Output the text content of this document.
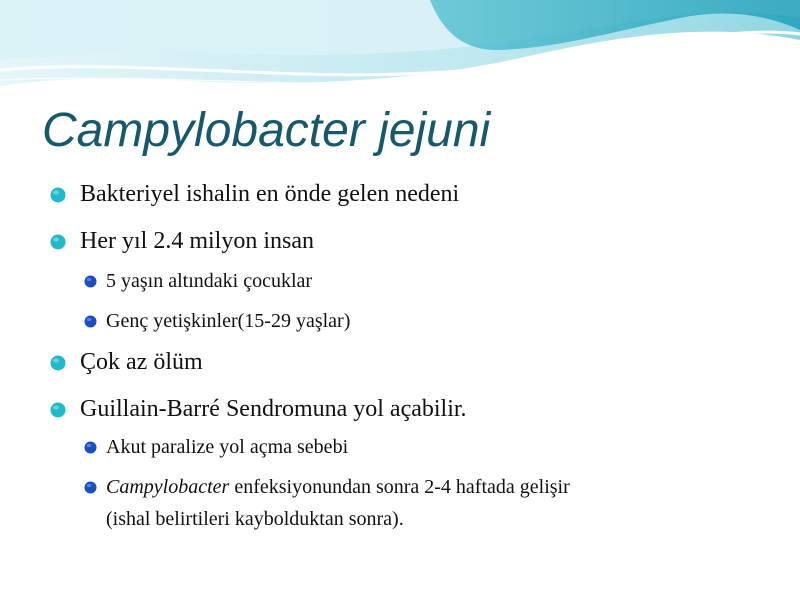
Campylobacter jejuni
Bakteriyel ishalin en önde gelen nedeni
Her yıl 2.4 milyon insan
5 yaşın altındaki çocuklar
Genç yetişkinler(15-29 yaşlar)
Çok az ölüm
Guillain-Barré Sendromuna yol açabilir.
Akut paralize yol açma sebebi
Campylobacter enfeksiyonundan sonra 2-4 haftada gelişir
(ishal belirtileri kaybolduktan sonra).
